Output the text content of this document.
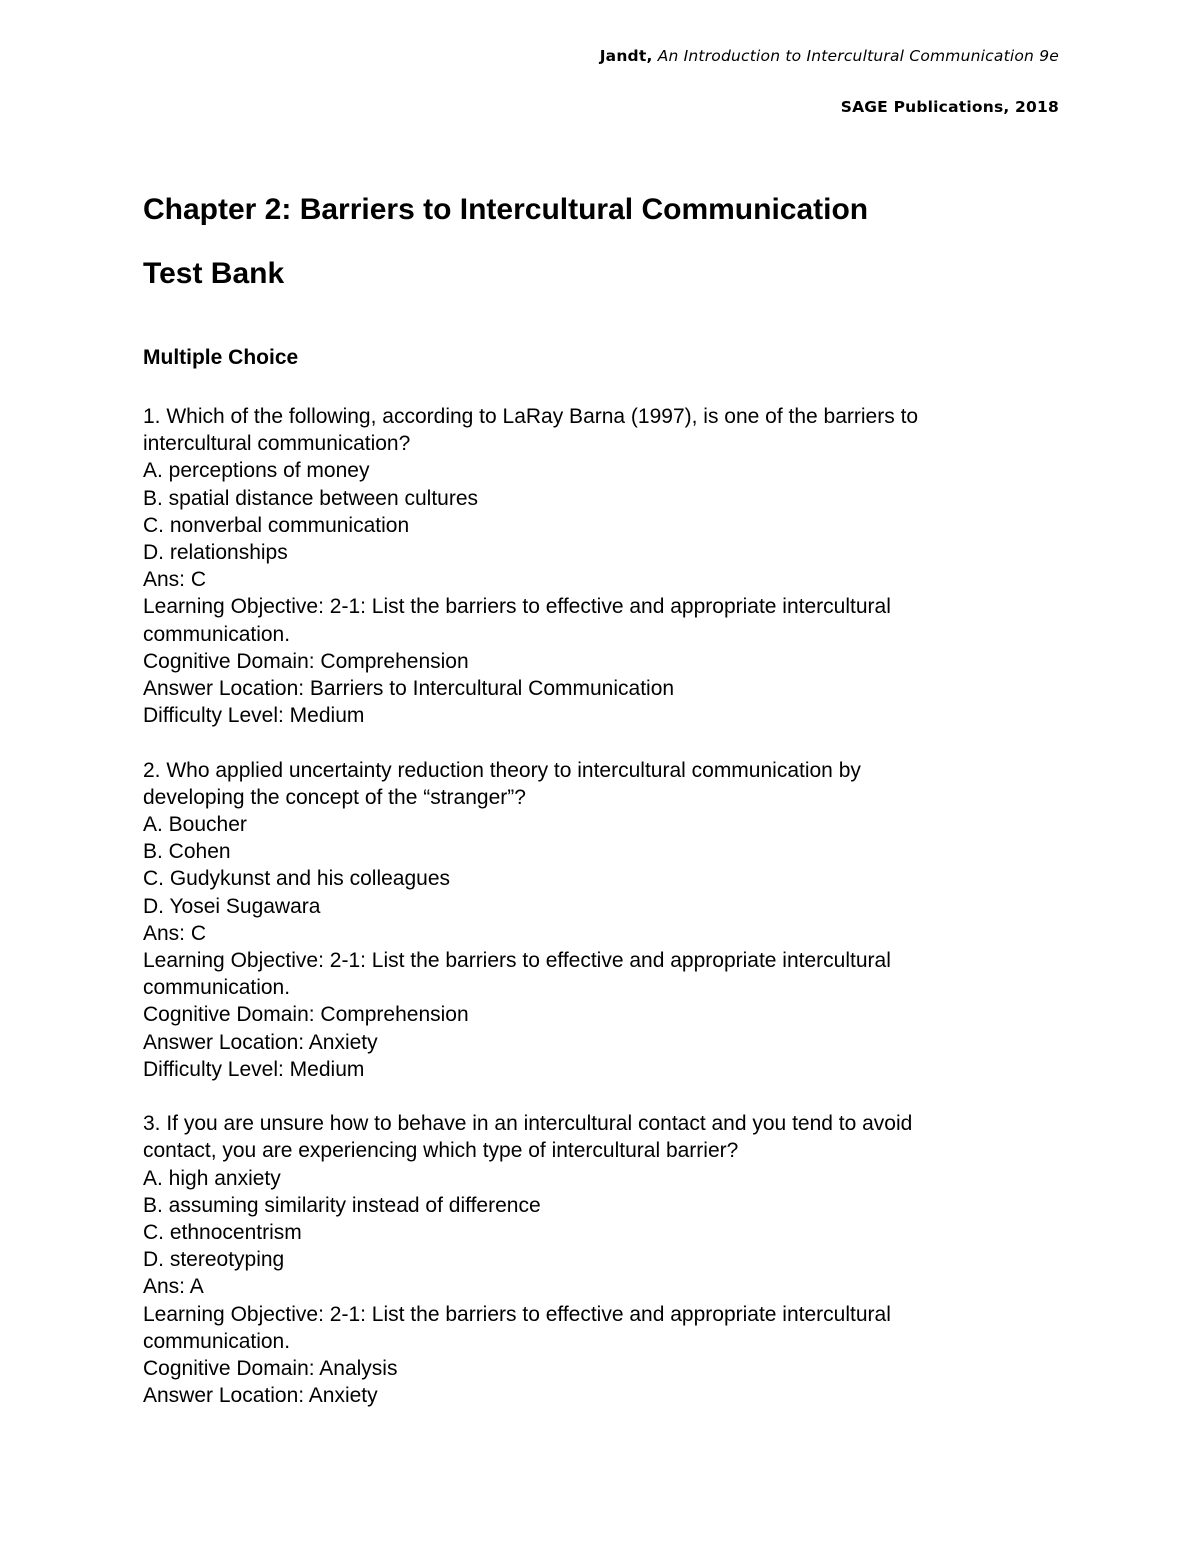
Jandt, An Introduction to Intercultural Communication 9e
SAGE Publications, 2018
Chapter 2: Barriers to Intercultural Communication
Test Bank
Multiple Choice
1. Which of the following, according to LaRay Barna (1997), is one of the barriers to
intercultural communication?
A. perceptions of money
B. spatial distance between cultures
C. nonverbal communication
D. relationships
Ans: C
Learning Objective: 2-1: List the barriers to effective and appropriate intercultural
communication.
Cognitive Domain: Comprehension
Answer Location: Barriers to Intercultural Communication
Difficulty Level: Medium
2. Who applied uncertainty reduction theory to intercultural communication by
developing the concept of the “stranger”?
A. Boucher
B. Cohen
C. Gudykunst and his colleagues
D. Yosei Sugawara
Ans: C
Learning Objective: 2-1: List the barriers to effective and appropriate intercultural
communication.
Cognitive Domain: Comprehension
Answer Location: Anxiety
Difficulty Level: Medium
3. If you are unsure how to behave in an intercultural contact and you tend to avoid
contact, you are experiencing which type of intercultural barrier?
A. high anxiety
B. assuming similarity instead of difference
C. ethnocentrism
D. stereotyping
Ans: A
Learning Objective: 2-1: List the barriers to effective and appropriate intercultural
communication.
Cognitive Domain: Analysis
Answer Location: Anxiety
